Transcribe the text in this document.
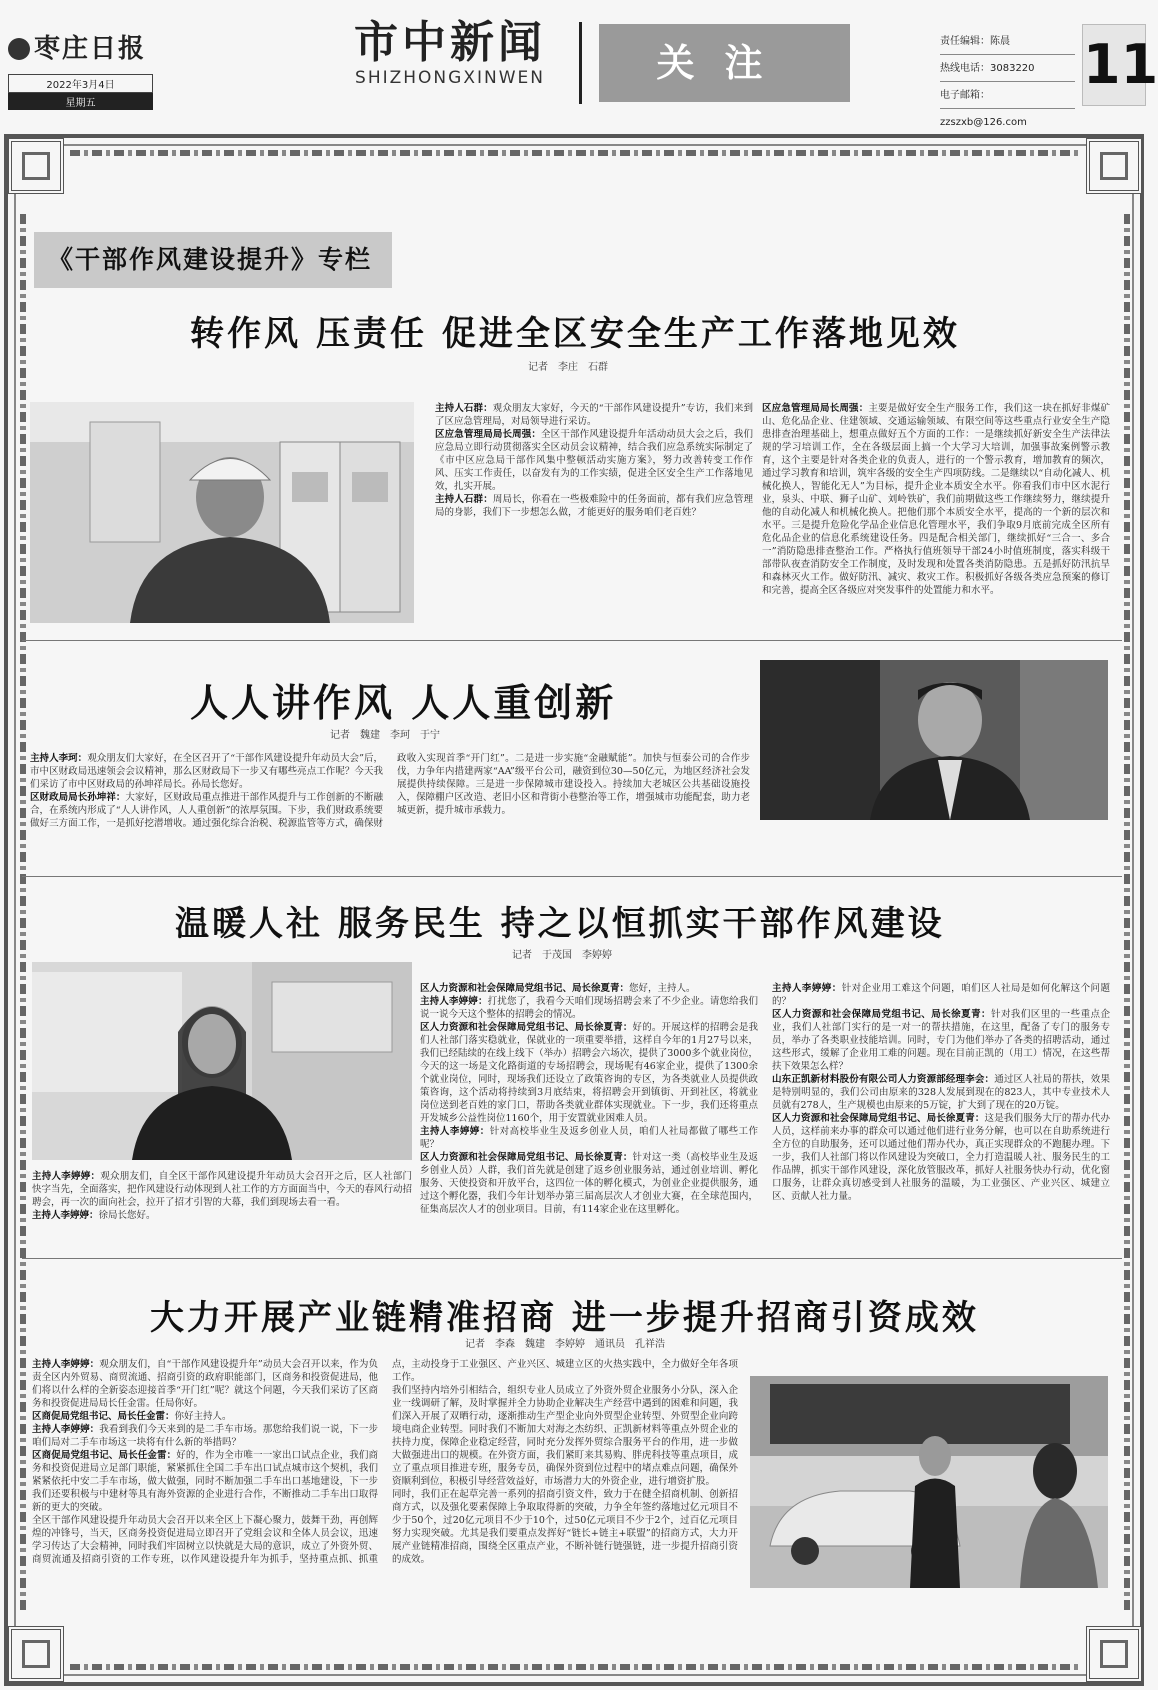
枣庄日报
2022年3月4日
星期五
市中新闻
SHIZHONGXINWEN	关注	责任编辑：陈晨
热线电话：3083220
电子邮箱：zzszxb@126.com
11
《干部作风建设提升》专栏
转作风 压责任 促进全区安全生产工作落地见效
记者　李庄　石群

主持人石群：观众朋友大家好，今天的“干部作风建设提升”专访，我们来到了区应急管理局，对局领导进行采访。

区应急管理局局长周强：全区干部作风建设提升年活动动员大会之后，我们应急局立即行动贯彻落实全区动员会议精神，结合我们应急系统实际制定了《市中区应急局干部作风集中整顿活动实施方案》，努力改善转变工作作风、压实工作责任，以奋发有为的工作实绩，促进全区安全生产工作落地见效，扎实开展。

主持人石群：周局长，你看在一些极难险中的任务面前，都有我们应急管理局的身影，我们下一步想怎么做，才能更好的服务咱们老百姓？

区应急管理局局长周强：主要是做好安全生产服务工作，我们这一块在抓好非煤矿山、危化品企业、住建领域、交通运输领域、有限空间等这些重点行业安全生产隐患排查治理基础上，想重点做好五个方面的工作：一是继续抓好新安全生产法律法规的学习培训工作，全在各级层面上搞一个大学习大培训，加强事故案例警示教育，这个主要是针对各类企业的负责人，进行的一个警示教育，增加教育的频次，通过学习教育和培训，筑牢各级的安全生产四项防线。二是继续以“自动化减人、机械化换人，智能化无人”为目标，提升企业本质安全水平。你看我们市中区水泥行业，泉头、中联、狮子山矿、刘岭铁矿，我们前期做这些工作继续努力，继续提升他的自动化减人和机械化换人。把他们那个本质安全水平，提高的一个新的层次和水平。三是提升危险化学品企业信息化管理水平，我们争取9月底前完成全区所有危化品企业的信息化系统建设任务。四是配合相关部门，继续抓好“三合一、多合一”消防隐患排查整治工作。严格执行值班领导干部24小时值班制度，落实科级干部带队夜查消防安全工作制度，及时发现和处置各类消防隐患。五是抓好防汛抗旱和森林灭火工作。做好防汛、减灾、救灾工作。积极抓好各级各类应急预案的修订和完善，提高全区各级应对突发事件的处置能力和水平。

人人讲作风 人人重创新
记者　魏建　李珂　于宁

主持人李珂：观众朋友们大家好，在全区召开了“干部作风建设提升年动员大会”后，市中区财政局迅速领会会议精神，那么区财政局下一步又有哪些亮点工作呢？今天我们采访了市中区财政局的孙坤祥局长。孙局长您好。

区财政局局长孙坤祥：大家好，区财政局重点推进干部作风提升与工作创新的不断融合，在系统内形成了“人人讲作风，人人重创新”的浓厚氛围。下步，我们财政系统要做好三方面工作，一是抓好挖潜增收。通过强化综合治税、税源监管等方式，确保财政收入实现首季“开门红”。二是进一步实施“金融赋能”。加快与恒泰公司的合作步伐，力争年内措建两家“AA”级平台公司，融资到位30—50亿元，为地区经济社会发展提供持续保障。三是进一步保障城市建设投入。持续加大老城区公共基础设施投入，保障棚户区改造、老旧小区和背街小巷整治等工作，增强城市功能配套，助力老城更新，提升城市承载力。

温暖人社 服务民生 持之以恒抓实干部作风建设
记者　于茂国　李婷婷

主持人李婷婷：观众朋友们，自全区干部作风建设提升年动员大会召开之后，区人社部门快字当先，全面落实，把作风建设行动体现到人社工作的方方面面当中，今天的春风行动招聘会，再一次的面向社会，拉开了招才引智的大幕，我们到现场去看一看。

主持人李婷婷：徐局长您好。

区人力资源和社会保障局党组书记、局长徐夏青：您好，主持人。

主持人李婷婷：打扰您了，我看今天咱们现场招聘会来了不少企业。请您给我们说一说今天这个整体的招聘会的情况。

区人力资源和社会保障局党组书记、局长徐夏青：好的。开展这样的招聘会是我们人社部门落实稳就业，保就业的一项重要举措，这样自今年的1月27号以来，我们已经陆续的在线上线下（举办）招聘会六场次，提供了3000多个就业岗位，今天的这一场是文化路街道的专场招聘会，现场呢有46家企业，提供了1300余个就业岗位，同时，现场我们还设立了政策咨询的专区，为各类就业人员提供政策咨询，这个活动将持续到3月底结束，将招聘会开到镇街、开到社区，将就业岗位送到老百姓的家门口，帮助各类就业群体实现就业。下一步，我们还将重点开发城乡公益性岗位1160个，用于安置就业困难人员。

主持人李婷婷：针对高校毕业生及返乡创业人员，咱们人社局都做了哪些工作呢？

区人力资源和社会保障局党组书记、局长徐夏青：针对这一类（高校毕业生及返乡创业人员）人群，我们首先就是创建了返乡创业服务站，通过创业培训、孵化服务、天使投资和开放平台，这四位一体的孵化模式，为创业企业提供服务，通过这个孵化器，我们今年计划举办第三届高层次人才创业大赛，在全球范围内，征集高层次人才的创业项目。目前，有114家企业在这里孵化。

主持人李婷婷：针对企业用工难这个问题，咱们区人社局是如何化解这个问题的？

区人力资源和社会保障局党组书记、局长徐夏青：针对我们区里的一些重点企业，我们人社部门实行的是一对一的帮扶措施，在这里，配备了专门的服务专员，举办了各类职业技能培训。同时，专门为他们举办了各类的招聘活动，通过这些形式，缓解了企业用工难的问题。现在目前正凯的（用工）情况，在这些帮扶下效果怎么样？

山东正凯新材料股份有限公司人力资源部经理李会：通过区人社局的帮扶，效果是特别明显的，我们公司由原来的328人发展到现在的823人，其中专业技术人员就有278人，生产规模也由原来的5万锭，扩大到了现在的20万锭。

区人力资源和社会保障局党组书记、局长徐夏青：这是我们服务大厅的帮办代办人员，这样前来办事的群众可以通过他们进行业务分解，也可以在自助系统进行全方位的自助服务，还可以通过他们帮办代办，真正实现群众的不跑腿办理。下一步，我们人社部门将以作风建设为突破口，全力打造温暖人社、服务民生的工作品牌，抓实干部作风建设，深化放管服改革，抓好人社服务快办行动，优化窗口服务，让群众真切感受到人社服务的温暖，为工业强区、产业兴区、城建立区、贡献人社力量。

大力开展产业链精准招商 进一步提升招商引资成效
记者　李森　魏建　李婷婷　通讯员　孔祥浩

主持人李婷婷：观众朋友们，自“干部作风建设提升年”动员大会召开以来，作为负责全区内外贸易、商贸流通、招商引资的政府职能部门，区商务和投资促进局，他们将以什么样的全新姿态迎接首季“开门红”呢？就这个问题，今天我们采访了区商务和投资促进局局长任金雷。任局你好。

区商促局党组书记、局长任金雷：你好主持人。

主持人李婷婷：我看到我们今天来到的是二手车市场。那您给我们说一说，下一步咱们局对二手车市场这一块将有什么新的举措吗？

区商促局党组书记、局长任金雷：好的，作为全市唯一一家出口试点企业，我们商务和投资促进局立足部门职能，紧紧抓住全国二手车出口试点城市这个契机，我们紧紧依托中安二手车市场，做大做强，同时不断加强二手车出口基地建设，下一步我们还要积极与中建材等具有海外资源的企业进行合作，不断推动二手车出口取得新的更大的突破。

全区干部作风建设提升年动员大会召开以来全区上下凝心聚力，鼓舞干劲，再创辉煌的冲锋号，当天，区商务投资促进局立即召开了党组会议和全体人员会议，迅速学习传达了大会精神，同时我们牢固树立以快就是大局的意识，成立了外资外贸、商贸流通及招商引资的工作专班，以作风建设提升年为抓手，坚持重点抓、抓重点，主动投身于工业强区、产业兴区、城建立区的火热实践中，全力做好全年各项工作。

我们坚持内培外引相结合，组织专业人员成立了外资外贸企业服务小分队，深入企业一线调研了解，及时掌握并全力协助企业解决生产经营中遇到的困难和问题，我们深入开展了双晒行动，逐渐推动生产型企业向外贸型企业转型、外贸型企业向跨境电商企业转型。同时我们不断加大对海之杰纺织、正凯新材料等重点外贸企业的扶持力度，保障企业稳定经营，同时充分发挥外贸综合服务平台的作用，进一步做大做强进出口的规模。在外资方面，我们紧盯来其易购、胖虎科技等重点项目，成立了重点项目推进专班，服务专员，确保外资到位过程中的堵点难点问题，确保外资顺利到位，积极引导经营效益好，市场潜力大的外资企业，进行增资扩股。

同时，我们正在起草完善一系列的招商引资文件，致力于在健全招商机制、创新招商方式，以及强化要素保障上争取取得新的突破，力争全年签约落地过亿元项目不少于50个，过20亿元项目不少于10个，过50亿元项目不少于2个，过百亿元项目努力实现突破。尤其是我们要重点发挥好“链长+链主+联盟”的招商方式，大力开展产业链精准招商，围绕全区重点产业，不断补链行链强链，进一步提升招商引资的成效。
